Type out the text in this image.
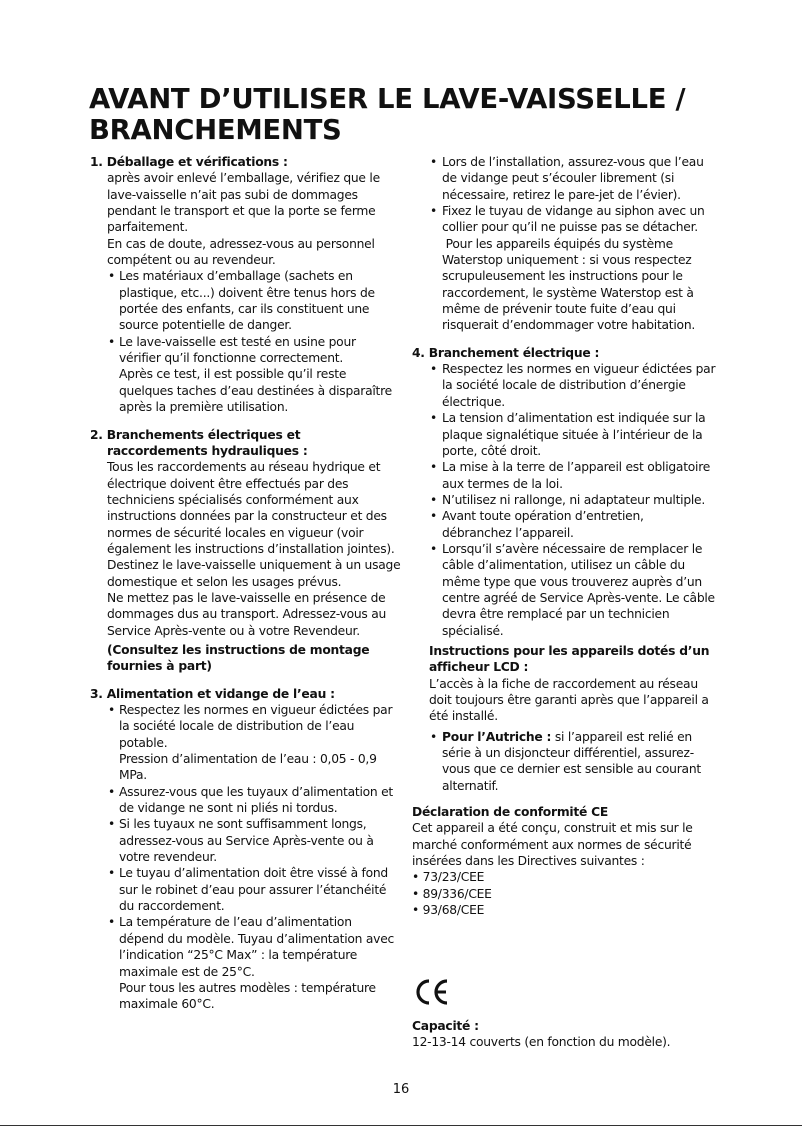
AVANT D’UTILISER LE LAVE-VAISSELLE /
BRANCHEMENTS
1. Déballage et vérifications :
après avoir enlevé l’emballage, vérifiez que le
lave-vaisselle n’ait pas subi de dommages
pendant le transport et que la porte se ferme
parfaitement.
En cas de doute, adressez-vous au personnel
compétent ou au revendeur.
• Les matériaux d’emballage (sachets en
plastique, etc...) doivent être tenus hors de
portée des enfants, car ils constituent une
source potentielle de danger.
• Le lave-vaisselle est testé en usine pour
vérifier qu’il fonctionne correctement.
Après ce test, il est possible qu’il reste
quelques taches d’eau destinées à disparaître
après la première utilisation.
2. Branchements électriques et
raccordements hydrauliques :
Tous les raccordements au réseau hydrique et
électrique doivent être effectués par des
techniciens spécialisés conformément aux
instructions données par la constructeur et des
normes de sécurité locales en vigueur (voir
également les instructions d’installation jointes).
Destinez le lave-vaisselle uniquement à un usage
domestique et selon les usages prévus.
Ne mettez pas le lave-vaisselle en présence de
dommages dus au transport. Adressez-vous au
Service Après-vente ou à votre Revendeur.
(Consultez les instructions de montage
fournies à part)
3. Alimentation et vidange de l’eau :
• Respectez les normes en vigueur édictées par
la société locale de distribution de l’eau
potable.
Pression d’alimentation de l’eau : 0,05 - 0,9
MPa.
• Assurez-vous que les tuyaux d’alimentation et
de vidange ne sont ni pliés ni tordus.
• Si les tuyaux ne sont suffisamment longs,
adressez-vous au Service Après-vente ou à
votre revendeur.
• Le tuyau d’alimentation doit être vissé à fond
sur le robinet d’eau pour assurer l’étanchéité
du raccordement.
• La température de l’eau d’alimentation
dépend du modèle. Tuyau d’alimentation avec
l’indication “25°C Max” : la température
maximale est de 25°C.
Pour tous les autres modèles : température
maximale 60°C.
• Lors de l’installation, assurez-vous que l’eau
de vidange peut s’écouler librement (si
nécessaire, retirez le pare-jet de l’évier).
• Fixez le tuyau de vidange au siphon avec un
collier pour qu’il ne puisse pas se détacher.
Pour les appareils équipés du système
Waterstop uniquement : si vous respectez
scrupuleusement les instructions pour le
raccordement, le système Waterstop est à
même de prévenir toute fuite d’eau qui
risquerait d’endommager votre habitation.
4. Branchement électrique :
• Respectez les normes en vigueur édictées par
la société locale de distribution d’énergie
électrique.
• La tension d’alimentation est indiquée sur la
plaque signalétique située à l’intérieur de la
porte, côté droit.
• La mise à la terre de l’appareil est obligatoire
aux termes de la loi.
• N’utilisez ni rallonge, ni adaptateur multiple.
• Avant toute opération d’entretien,
débranchez l’appareil.
• Lorsqu’il s’avère nécessaire de remplacer le
câble d’alimentation, utilisez un câble du
même type que vous trouverez auprès d’un
centre agréé de Service Après-vente. Le câble
devra être remplacé par un technicien
spécialisé.
Instructions pour les appareils dotés d’un
afficheur LCD :
L’accès à la fiche de raccordement au réseau
doit toujours être garanti après que l’appareil a
été installé.
• Pour l’Autriche : si l’appareil est relié en
série à un disjoncteur différentiel, assurez-
vous que ce dernier est sensible au courant
alternatif.
Déclaration de conformité CE
Cet appareil a été conçu, construit et mis sur le
marché conformément aux normes de sécurité
insérées dans les Directives suivantes :
• 73/23/CEE
• 89/336/CEE
• 93/68/CEE
Capacité :
12-13-14 couverts (en fonction du modèle).
16
